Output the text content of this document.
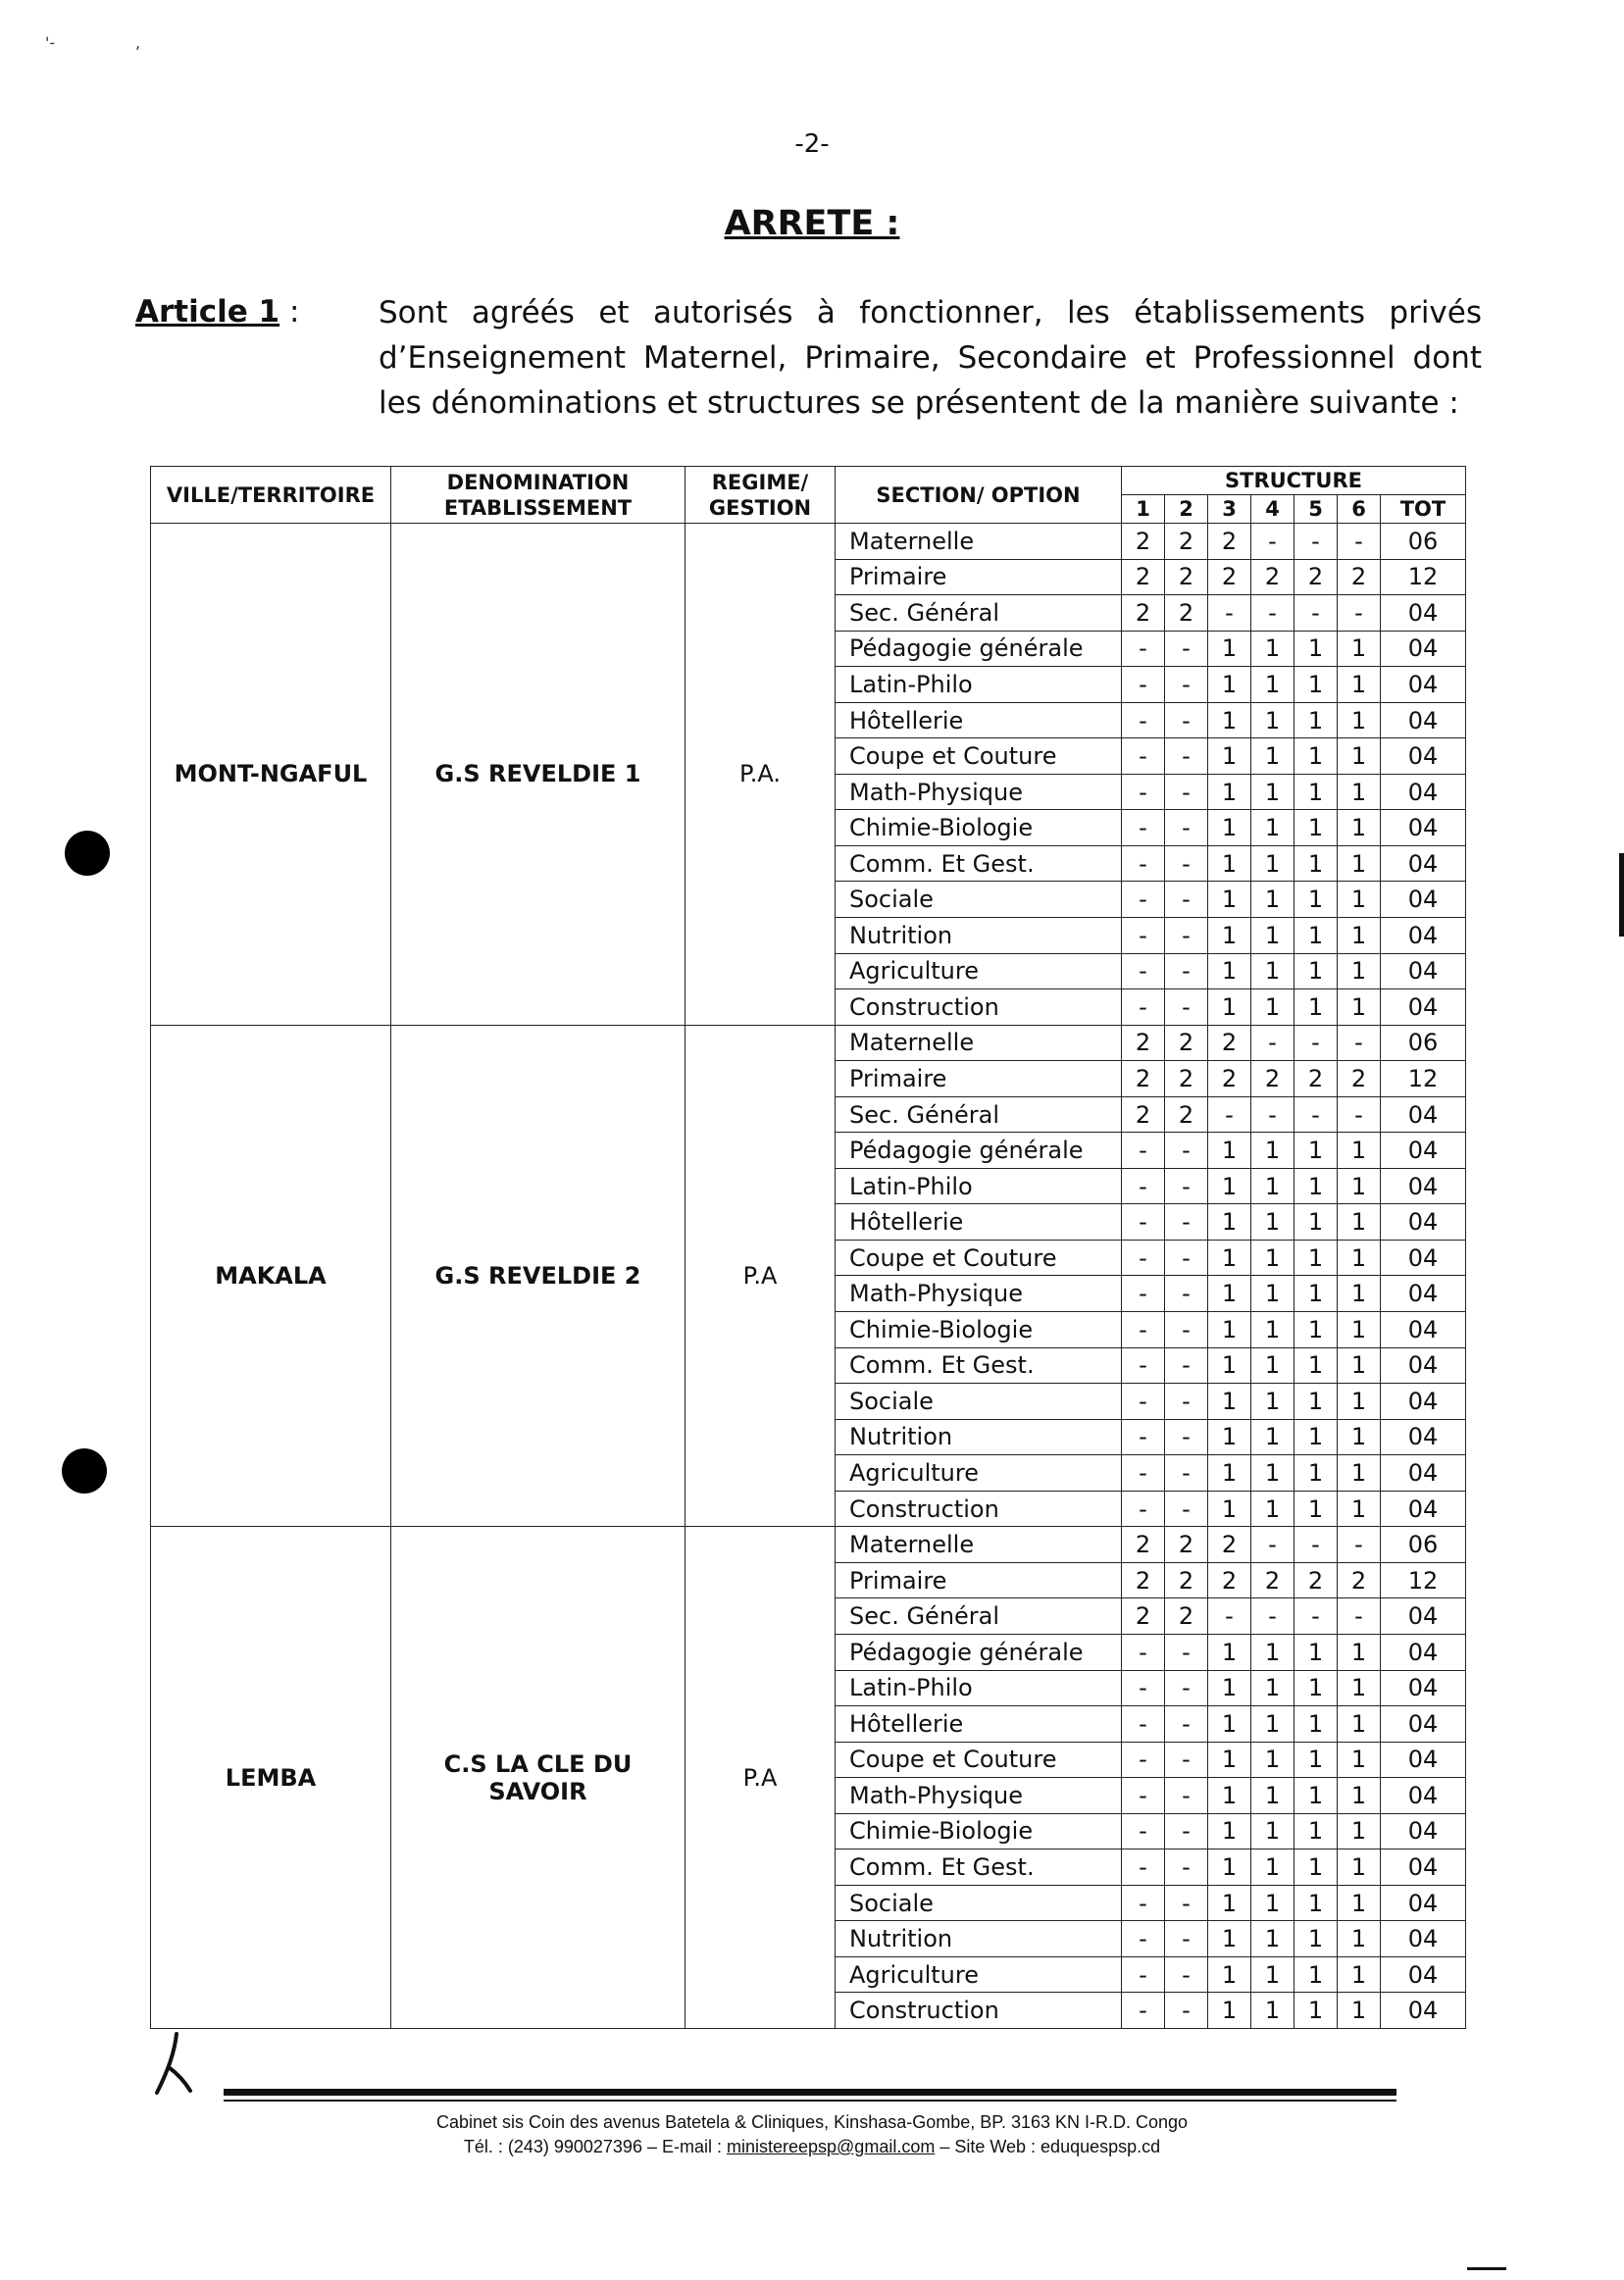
'‐	,
-2-
ARRETE :
Article 1 :	Sont agréés et autorisés à fonctionner, les établissements privés d’Enseignement Maternel, Primaire, Secondaire et Professionnel dont les dénominations et structures se présentent de la manière suivante :
VILLE/TERRITOIRE	DENOMINATION ETABLISSEMENT	REGIME/ GESTION	SECTION/ OPTION	STRUCTURE						
				1	2	3	4	5	6	TOT
MONT-NGAFUL	G.S REVELDIE 1	P.A.	Maternelle	2	2	2	-	-	-	06
			Primaire	2	2	2	2	2	2	12
			Sec. Général	2	2	-	-	-	-	04
			Pédagogie générale	-	-	1	1	1	1	04
			Latin-Philo	-	-	1	1	1	1	04
			Hôtellerie	-	-	1	1	1	1	04
			Coupe et Couture	-	-	1	1	1	1	04
			Math-Physique	-	-	1	1	1	1	04
			Chimie-Biologie	-	-	1	1	1	1	04
			Comm. Et Gest.	-	-	1	1	1	1	04
			Sociale	-	-	1	1	1	1	04
			Nutrition	-	-	1	1	1	1	04
			Agriculture	-	-	1	1	1	1	04
			Construction	-	-	1	1	1	1	04
MAKALA	G.S REVELDIE 2	P.A	Maternelle	2	2	2	-	-	-	06
			Primaire	2	2	2	2	2	2	12
			Sec. Général	2	2	-	-	-	-	04
			Pédagogie générale	-	-	1	1	1	1	04
			Latin-Philo	-	-	1	1	1	1	04
			Hôtellerie	-	-	1	1	1	1	04
			Coupe et Couture	-	-	1	1	1	1	04
			Math-Physique	-	-	1	1	1	1	04
			Chimie-Biologie	-	-	1	1	1	1	04
			Comm. Et Gest.	-	-	1	1	1	1	04
			Sociale	-	-	1	1	1	1	04
			Nutrition	-	-	1	1	1	1	04
			Agriculture	-	-	1	1	1	1	04
			Construction	-	-	1	1	1	1	04
LEMBA	C.S LA CLE DU SAVOIR	P.A	Maternelle	2	2	2	-	-	-	06
			Primaire	2	2	2	2	2	2	12
			Sec. Général	2	2	-	-	-	-	04
			Pédagogie générale	-	-	1	1	1	1	04
			Latin-Philo	-	-	1	1	1	1	04
			Hôtellerie	-	-	1	1	1	1	04
			Coupe et Couture	-	-	1	1	1	1	04
			Math-Physique	-	-	1	1	1	1	04
			Chimie-Biologie	-	-	1	1	1	1	04
			Comm. Et Gest.	-	-	1	1	1	1	04
			Sociale	-	-	1	1	1	1	04
			Nutrition	-	-	1	1	1	1	04
			Agriculture	-	-	1	1	1	1	04
			Construction	-	-	1	1	1	1	04
Cabinet sis Coin des avenus Batetela & Cliniques, Kinshasa-Gombe, BP. 3163 KN I-R.D. Congo
Tél. : (243) 990027396 – E-mail : ministereepsp@gmail.com – Site Web : eduquespsp.cd
